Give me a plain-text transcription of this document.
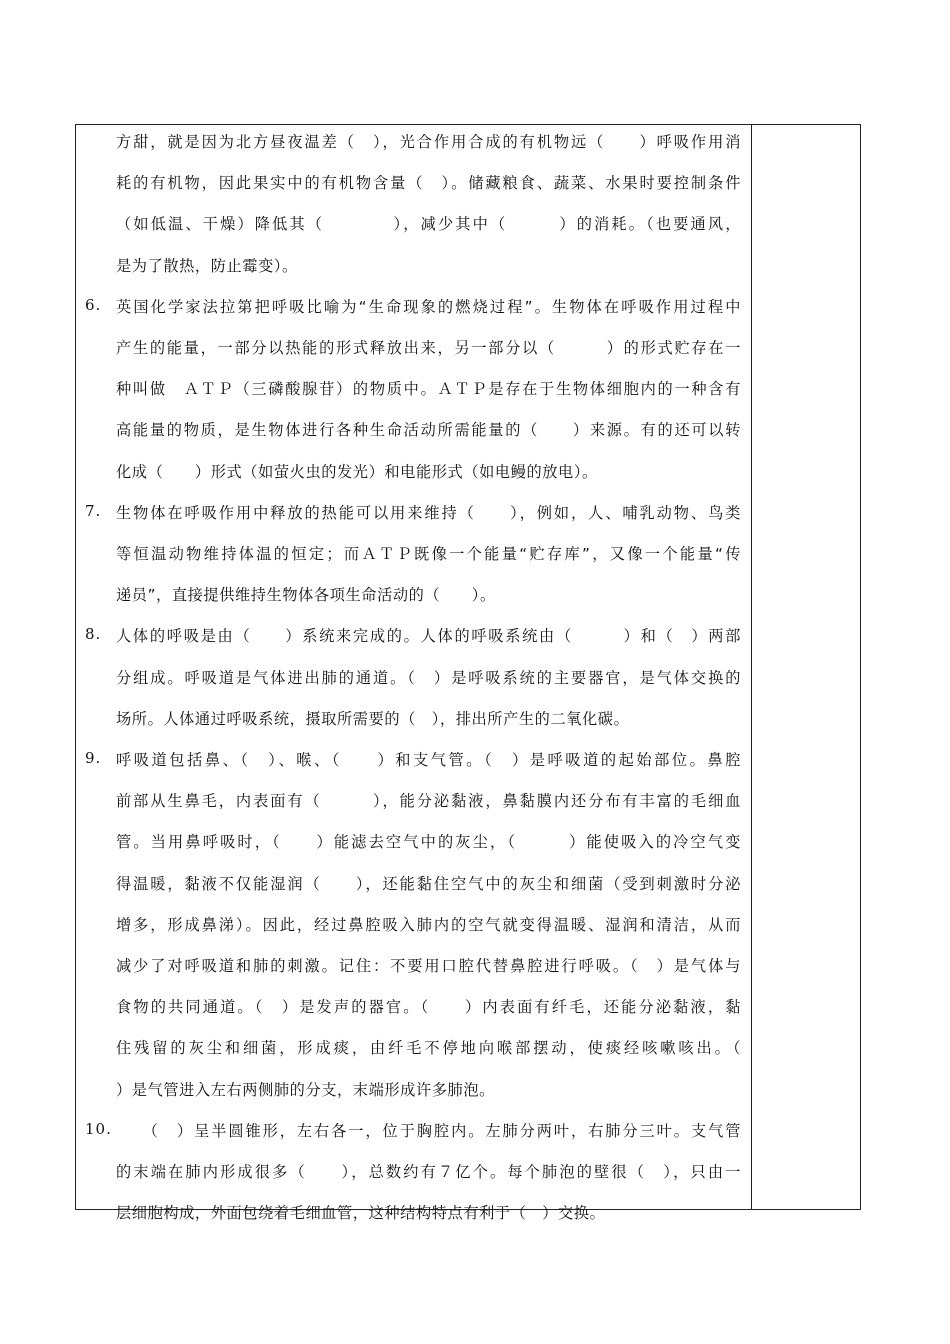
方甜，就是因为北方昼夜温差（　），光合作用合成的有机物远（　　）呼吸作用消
耗的有机物，因此果实中的有机物含量（　）。储藏粮食、蔬菜、水果时要控制条件
（如低温、干燥）降低其（　　　　），减少其中（　　　）的消耗。（也要通风，
是为了散热，防止霉变）。
6. 英国化学家法拉第把呼吸比喻为“生命现象的燃烧过程”。生物体在呼吸作用过程中
产生的能量，一部分以热能的形式释放出来，另一部分以（　　　）的形式贮存在一
种叫做　ＡＴＰ（三磷酸腺苷）的物质中。ＡＴＰ是存在于生物体细胞内的一种含有
高能量的物质，是生物体进行各种生命活动所需能量的（　　）来源。有的还可以转
化成（　　）形式（如萤火虫的发光）和电能形式（如电鳗的放电）。
7. 生物体在呼吸作用中释放的热能可以用来维持（　　），例如，人、哺乳动物、鸟类
等恒温动物维持体温的恒定；而ＡＴＰ既像一个能量“贮存库”，又像一个能量“传
递员”，直接提供维持生物体各项生命活动的（　　）。
8. 人体的呼吸是由（　　）系统来完成的。人体的呼吸系统由（　　　）和（　）两部
分组成。呼吸道是气体进出肺的通道。（　）是呼吸系统的主要器官，是气体交换的
场所。人体通过呼吸系统，摄取所需要的（　），排出所产生的二氧化碳。
9. 呼吸道包括鼻、（　）、喉、（　　）和支气管。（　）是呼吸道的起始部位。鼻腔
前部从生鼻毛，内表面有（　　　），能分泌黏液，鼻黏膜内还分布有丰富的毛细血
管。当用鼻呼吸时，（　　）能滤去空气中的灰尘，（　　　）能使吸入的冷空气变
得温暖，黏液不仅能湿润（　　），还能黏住空气中的灰尘和细菌（受到刺激时分泌
增多，形成鼻涕）。因此，经过鼻腔吸入肺内的空气就变得温暖、湿润和清洁，从而
减少了对呼吸道和肺的刺激。记住：不要用口腔代替鼻腔进行呼吸。（　）是气体与
食物的共同通道。（　）是发声的器官。（　　）内表面有纤毛，还能分泌黏液，黏
住残留的灰尘和细菌，形成痰，由纤毛不停地向喉部摆动，使痰经咳嗽咳出。（
）是气管进入左右两侧肺的分支，末端形成许多肺泡。
10. 　　（　）呈半圆锥形，左右各一，位于胸腔内。左肺分两叶，右肺分三叶。支气管
的末端在肺内形成很多（　　），总数约有７亿个。每个肺泡的壁很（　），只由一
层细胞构成，外面包绕着毛细血管，这种结构特点有利于（　）交换。
